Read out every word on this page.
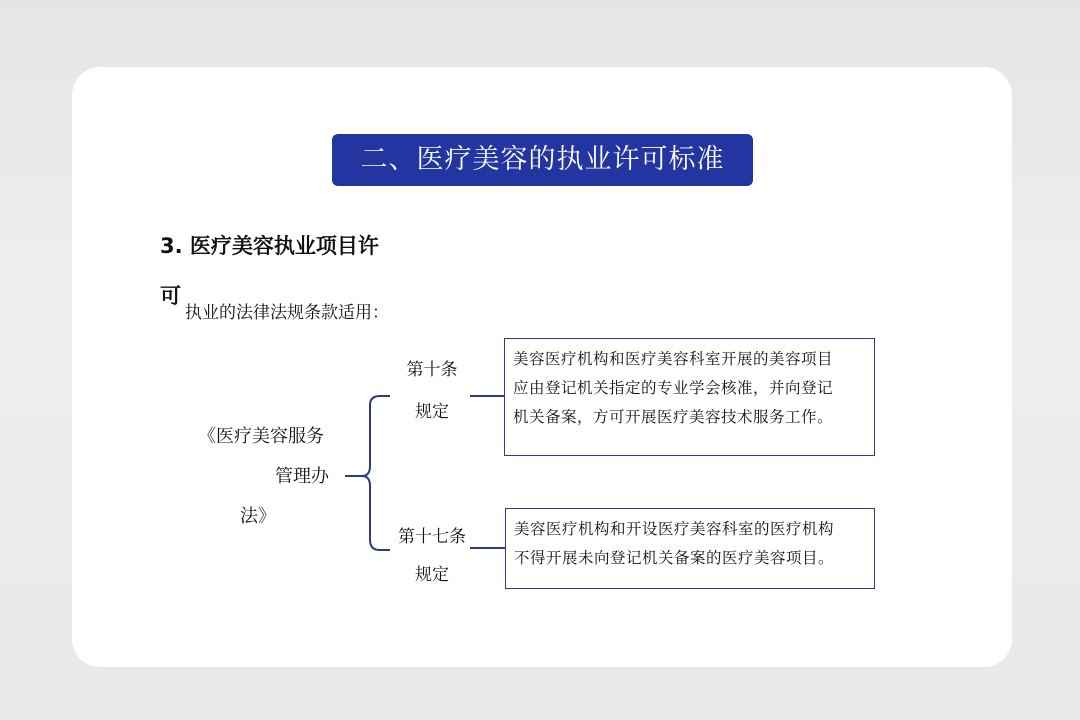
二、医疗美容的执业许可标准
3. 医疗美容执业项目许
可
执业的法律法规条款适用：
《医疗美容服务
管理办
法》
第十条
规定
第十七条
规定
美容医疗机构和医疗美容科室开展的美容项目
应由登记机关指定的专业学会核准，并向登记
机关备案，方可开展医疗美容技术服务工作。
美容医疗机构和开设医疗美容科室的医疗机构
不得开展未向登记机关备案的医疗美容项目。
